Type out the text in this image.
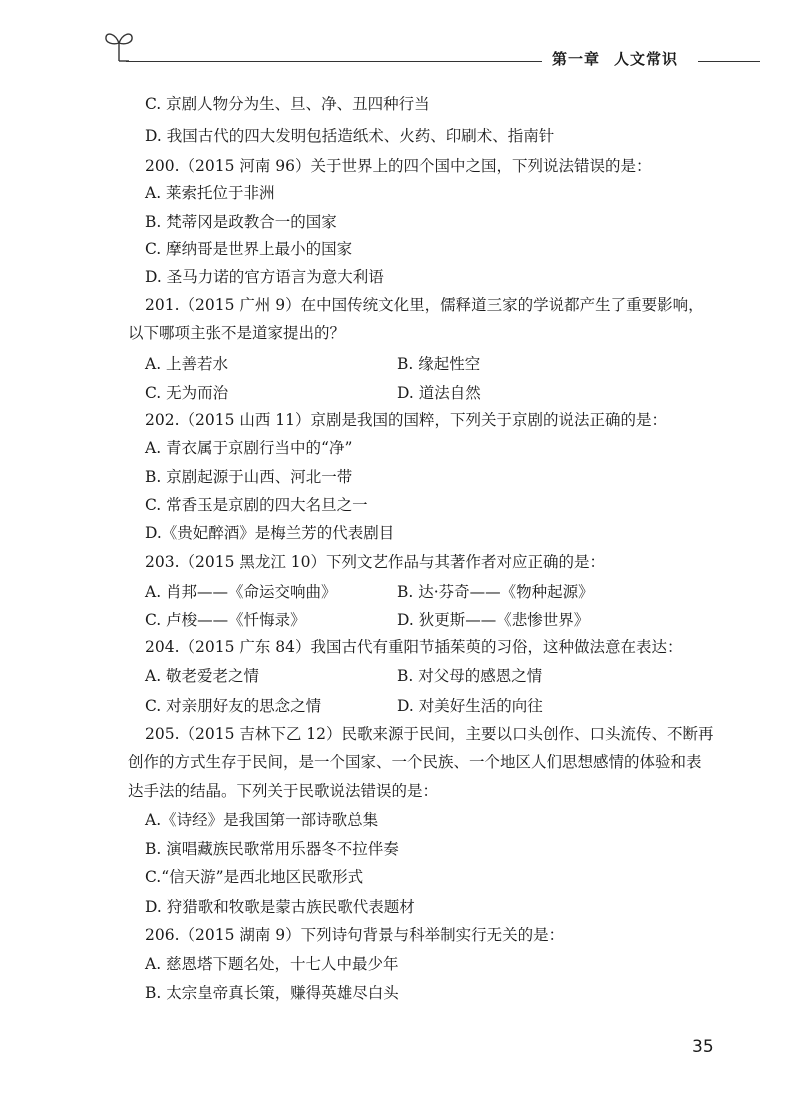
第一章 人文常识
C. 京剧人物分为生、旦、净、丑四种行当
D. 我国古代的四大发明包括造纸术、火药、印刷术、指南针
200.（2015 河南 96）关于世界上的四个国中之国，下列说法错误的是：
A. 莱索托位于非洲
B. 梵蒂冈是政教合一的国家
C. 摩纳哥是世界上最小的国家
D. 圣马力诺的官方语言为意大利语
201.（2015 广州 9）在中国传统文化里，儒释道三家的学说都产生了重要影响，
以下哪项主张不是道家提出的？
A. 上善若水	B. 缘起性空
C. 无为而治	D. 道法自然
202.（2015 山西 11）京剧是我国的国粹，下列关于京剧的说法正确的是：
A. 青衣属于京剧行当中的“净”
B. 京剧起源于山西、河北一带
C. 常香玉是京剧的四大名旦之一
D.《贵妃醉酒》是梅兰芳的代表剧目
203.（2015 黑龙江 10）下列文艺作品与其著作者对应正确的是：
A. 肖邦——《命运交响曲》	B. 达·芬奇——《物种起源》
C. 卢梭——《忏悔录》	D. 狄更斯——《悲惨世界》
204.（2015 广东 84）我国古代有重阳节插茱萸的习俗，这种做法意在表达：
A. 敬老爱老之情	B. 对父母的感恩之情
C. 对亲朋好友的思念之情	D. 对美好生活的向往
205.（2015 吉林下乙 12）民歌来源于民间，主要以口头创作、口头流传、不断再
创作的方式生存于民间，是一个国家、一个民族、一个地区人们思想感情的体验和表
达手法的结晶。下列关于民歌说法错误的是：
A.《诗经》是我国第一部诗歌总集
B. 演唱藏族民歌常用乐器冬不拉伴奏
C.“信天游”是西北地区民歌形式
D. 狩猎歌和牧歌是蒙古族民歌代表题材
206.（2015 湖南 9）下列诗句背景与科举制实行无关的是：
A. 慈恩塔下题名处，十七人中最少年
B. 太宗皇帝真长策，赚得英雄尽白头
35
